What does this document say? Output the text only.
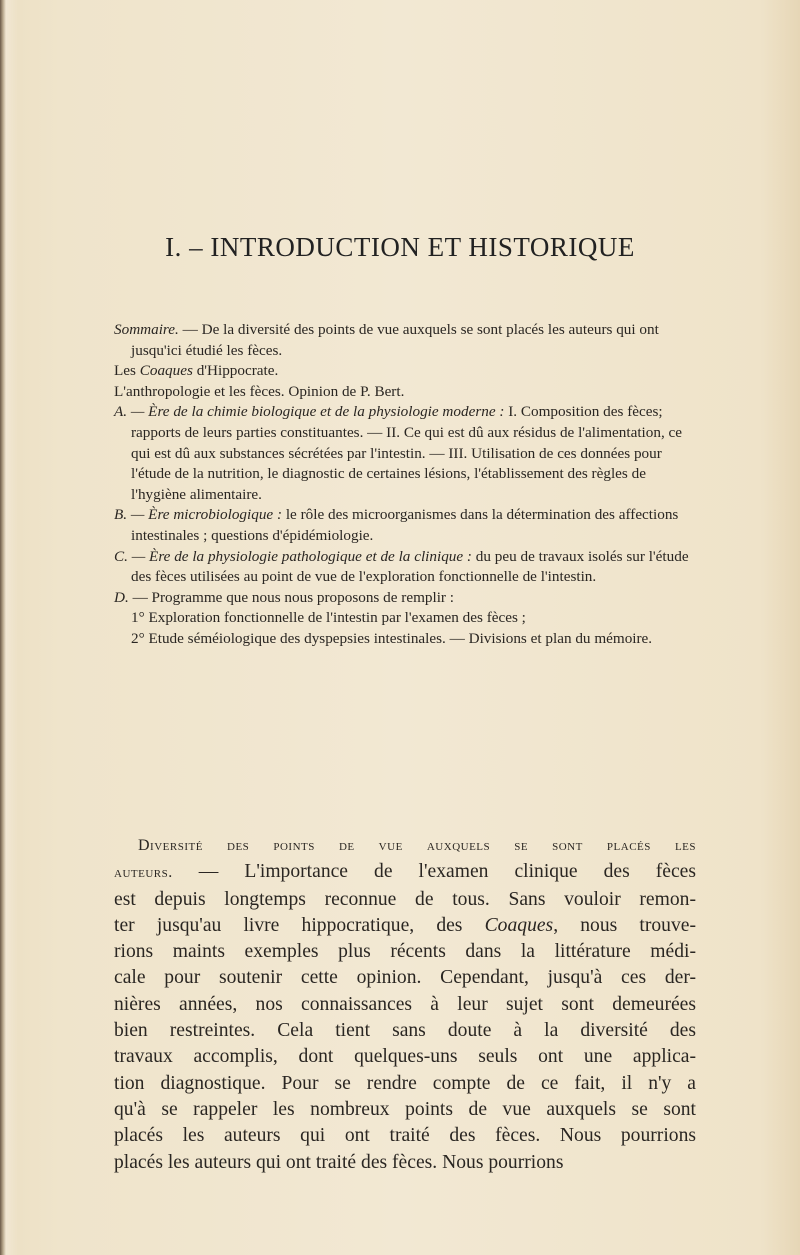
I. – INTRODUCTION ET HISTORIQUE

Sommaire. — De la diversité des points de vue auxquels se sont placés les auteurs qui ont jusqu'ici étudié les fèces.

Les Coaques d'Hippocrate.

L'anthropologie et les fèces. Opinion de P. Bert.

A. — Ère de la chimie biologique et de la physiologie moderne : I. Composition des fèces; rapports de leurs parties constituantes. — II. Ce qui est dû aux résidus de l'alimentation, ce qui est dû aux substances sécrétées par l'intestin. — III. Utilisation de ces données pour l'étude de la nutrition, le diagnostic de certaines lésions, l'établissement des règles de l'hygiène alimentaire.

B. — Ère microbiologique : le rôle des microorganismes dans la détermination des affections intestinales ; questions d'épidémiologie.

C. — Ère de la physiologie pathologique et de la clinique : du peu de travaux isolés sur l'étude des fèces utilisées au point de vue de l'exploration fonctionnelle de l'intestin.

D. — Programme que nous nous proposons de remplir :

1° Exploration fonctionnelle de l'intestin par l'examen des fèces ;

2° Etude séméiologique des dyspepsies intestinales. — Divisions et plan du mémoire.

Diversité des points de vue auxquels se sont placés les
auteurs. — L'importance de l'examen clinique des fèces
est depuis longtemps reconnue de tous. Sans vouloir remon-
ter jusqu'au livre hippocratique, des Coaques, nous trouve-
rions maints exemples plus récents dans la littérature médi-
cale pour soutenir cette opinion. Cependant, jusqu'à ces der-
nières années, nos connaissances à leur sujet sont demeurées
bien restreintes. Cela tient sans doute à la diversité des
travaux accomplis, dont quelques-uns seuls ont une applica-
tion diagnostique. Pour se rendre compte de ce fait, il n'y a
qu'à se rappeler les nombreux points de vue auxquels se sont
placés les auteurs qui ont traité des fèces. Nous pourrions
placés les auteurs qui ont traité des fèces. Nous pourrions
